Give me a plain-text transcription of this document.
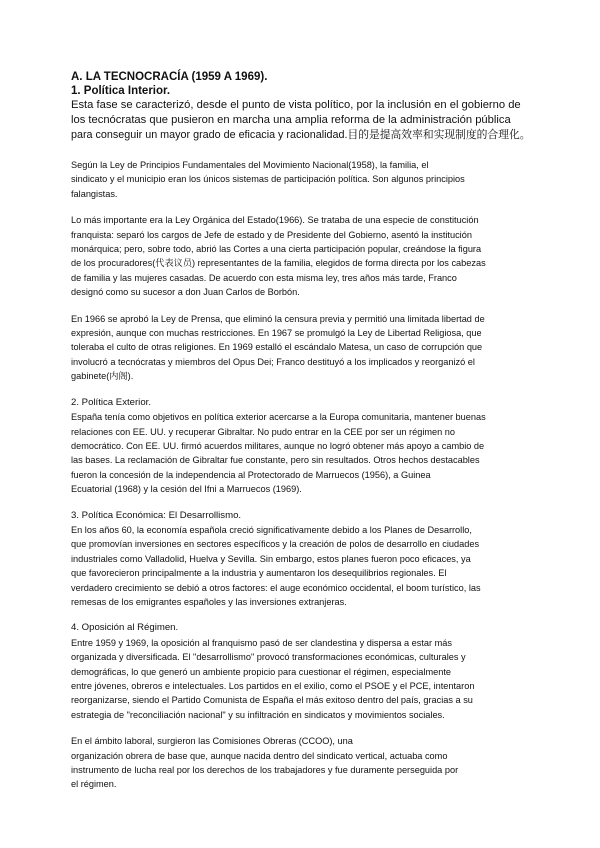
A. LA TECNOCRACÍA (1959 A 1969).
1. Política Interior.
Esta fase se caracterizó, desde el punto de vista político, por la inclusión en el gobierno de
los tecnócratas que pusieron en marcha una amplia reforma de la administración pública
para conseguir un mayor grado de eficacia y racionalidad.目的是提高效率和实现制度的合理化。
Según la Ley de Principios Fundamentales del Movimiento Nacional(1958), la familia, el
sindicato y el municipio eran los únicos sistemas de participación política. Son algunos principios
falangistas.
Lo más importante era la Ley Orgánica del Estado(1966). Se trataba de una especie de constitución
franquista: separó los cargos de Jefe de estado y de Presidente del Gobierno, asentó la institución
monárquica; pero, sobre todo, abrió las Cortes a una cierta participación popular, creándose la figura
de los procuradores(代表议员) representantes de la familia, elegidos de forma directa por los cabezas
de familia y las mujeres casadas. De acuerdo con esta misma ley, tres años más tarde, Franco
designó como su sucesor a don Juan Carlos de Borbón.
En 1966 se aprobó la Ley de Prensa, que eliminó la censura previa y permitió una limitada libertad de
expresión, aunque con muchas restricciones. En 1967 se promulgó la Ley de Libertad Religiosa, que
toleraba el culto de otras religiones. En 1969 estalló el escándalo Matesa, un caso de corrupción que
involucró a tecnócratas y miembros del Opus Dei; Franco destituyó a los implicados y reorganizó el
gabinete(内阁).
2. Política Exterior.
España tenía como objetivos en política exterior acercarse a la Europa comunitaria, mantener buenas
relaciones con EE. UU. y recuperar Gibraltar. No pudo entrar en la CEE por ser un régimen no
democrático. Con EE. UU. firmó acuerdos militares, aunque no logró obtener más apoyo a cambio de
las bases. La reclamación de Gibraltar fue constante, pero sin resultados. Otros hechos destacables
fueron la concesión de la independencia al Protectorado de Marruecos (1956), a Guinea
Ecuatorial (1968) y la cesión del Ifni a Marruecos (1969).
3. Política Económica: El Desarrollismo.
En los años 60, la economía española creció significativamente debido a los Planes de Desarrollo,
que promovían inversiones en sectores específicos y la creación de polos de desarrollo en ciudades
industriales como Valladolid, Huelva y Sevilla. Sin embargo, estos planes fueron poco eficaces, ya
que favorecieron principalmente a la industria y aumentaron los desequilibrios regionales. El
verdadero crecimiento se debió a otros factores: el auge económico occidental, el boom turístico, las
remesas de los emigrantes españoles y las inversiones extranjeras.
4. Oposición al Régimen.
Entre 1959 y 1969, la oposición al franquismo pasó de ser clandestina y dispersa a estar más
organizada y diversificada. El "desarrollismo" provocó transformaciones económicas, culturales y
demográficas, lo que generó un ambiente propicio para cuestionar el régimen, especialmente
entre jóvenes, obreros e intelectuales. Los partidos en el exilio, como el PSOE y el PCE, intentaron
reorganizarse, siendo el Partido Comunista de España el más exitoso dentro del país, gracias a su
estrategia de "reconciliación nacional" y su infiltración en sindicatos y movimientos sociales.
En el ámbito laboral, surgieron las Comisiones Obreras (CCOO), una
organización obrera de base que, aunque nacida dentro del sindicato vertical, actuaba como
instrumento de lucha real por los derechos de los trabajadores y fue duramente perseguida por
el régimen.
